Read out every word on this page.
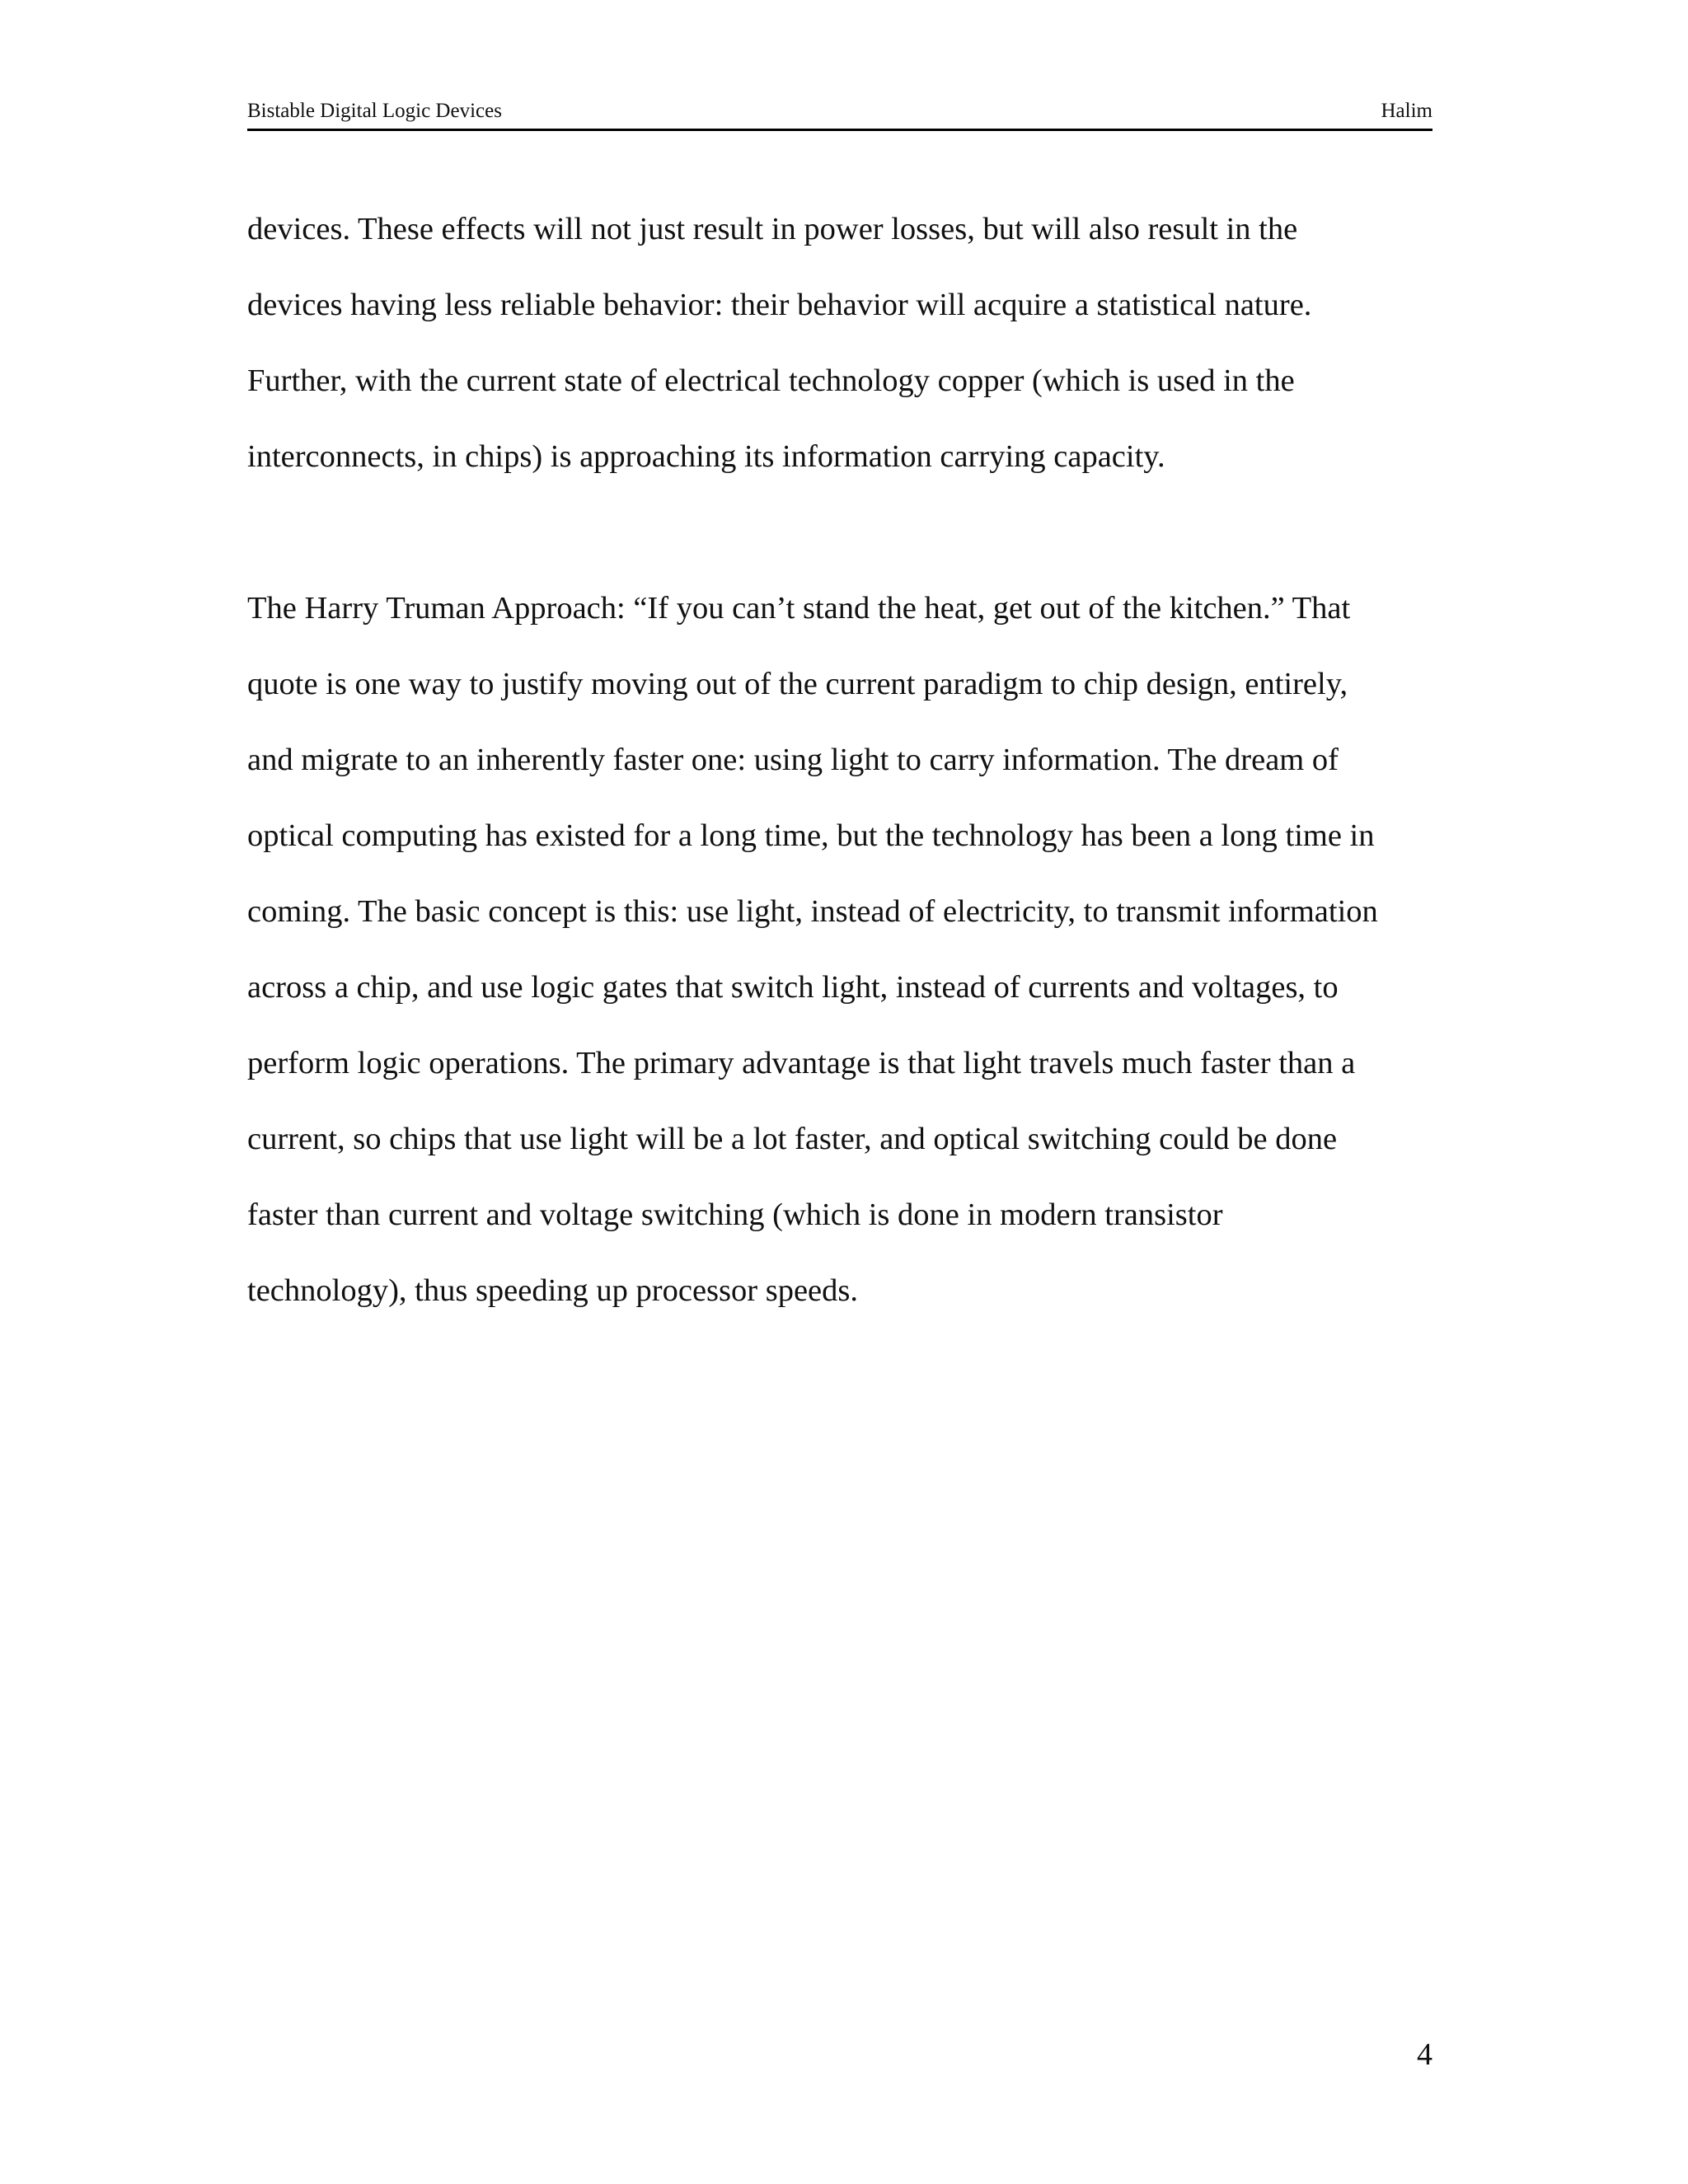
Bistable Digital Logic Devices	Halim

devices. These effects will not just result in power losses, but will also result in the
devices having less reliable behavior: their behavior will acquire a statistical nature.
Further, with the current state of electrical technology copper (which is used in the
interconnects, in chips) is approaching its information carrying capacity.

The Harry Truman Approach: “If you can’t stand the heat, get out of the kitchen.” That
quote is one way to justify moving out of the current paradigm to chip design, entirely,
and migrate to an inherently faster one: using light to carry information. The dream of
optical computing has existed for a long time, but the technology has been a long time in
coming. The basic concept is this: use light, instead of electricity, to transmit information
across a chip, and use logic gates that switch light, instead of currents and voltages, to
perform logic operations. The primary advantage is that light travels much faster than a
current, so chips that use light will be a lot faster, and optical switching could be done
faster than current and voltage switching (which is done in modern transistor
technology), thus speeding up processor speeds.

4
